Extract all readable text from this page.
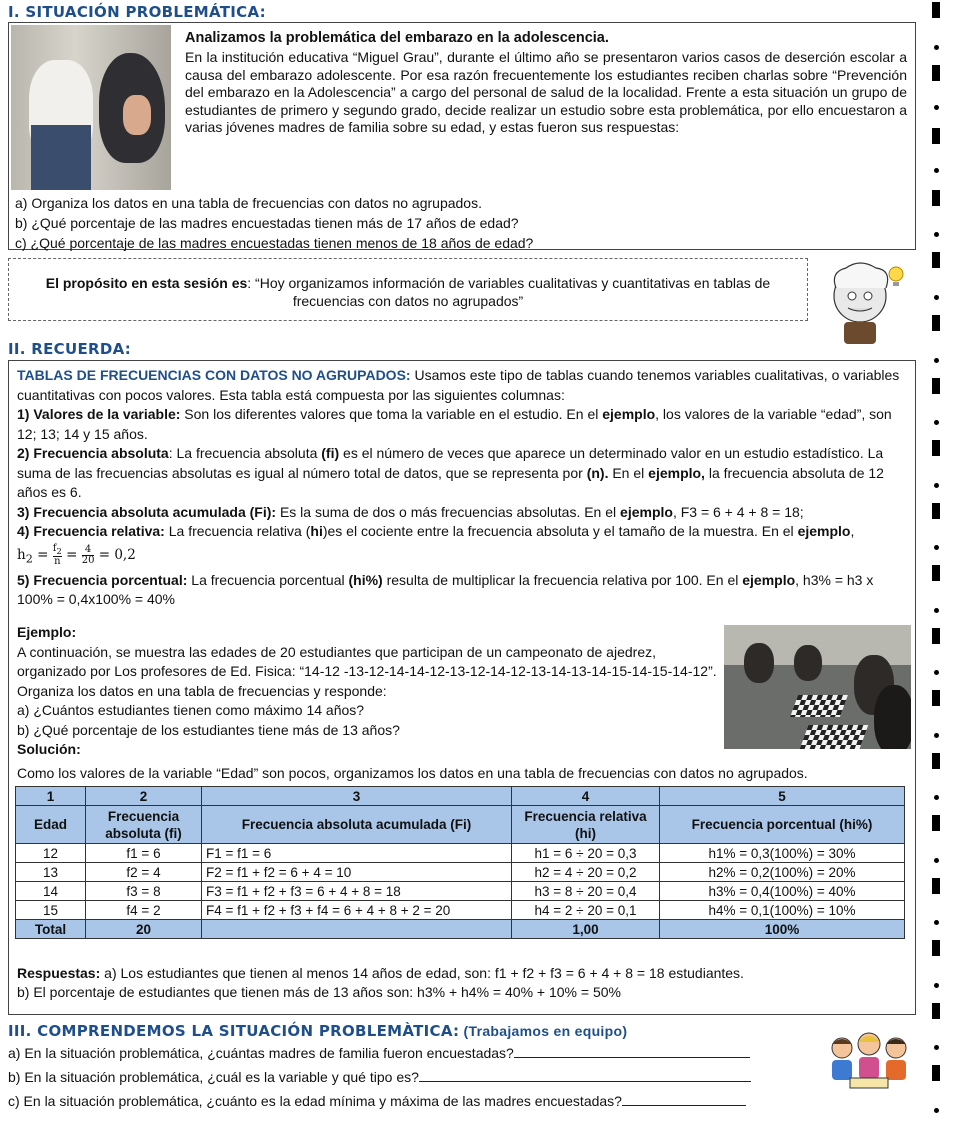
I. SITUACIÓN PROBLEMÁTICA:
Analizamos la problemática del embarazo en la adolescencia.

En la institución educativa “Miguel Grau”, durante el último año se presentaron varios casos de deserción escolar a causa del embarazo adolescente. Por esa razón frecuentemente los estudiantes reciben charlas sobre “Prevención del embarazo en la Adolescencia” a cargo del personal de salud de la localidad. Frente a esta situación un grupo de estudiantes de primero y segundo grado, decide realizar un estudio sobre esta problemática, por ello encuestaron a varias jóvenes madres de familia sobre su edad, y estas fueron sus respuestas:

a) Organiza los datos en una tabla de frecuencias con datos no agrupados.
b) ¿Qué porcentaje de las madres encuestadas tienen más de 17 años de edad?
c) ¿Qué porcentaje de las madres encuestadas tienen menos de 18 años de edad?
El propósito en esta sesión es: “Hoy organizamos información de variables cualitativas y cuantitativas en tablas de frecuencias con datos no agrupados”
II. RECUERDA:

TABLAS DE FRECUENCIAS CON DATOS NO AGRUPADOS: Usamos este tipo de tablas cuando tenemos variables cualitativas, o variables cuantitativas con pocos valores. Esta tabla está compuesta por las siguientes columnas:

1) Valores de la variable: Son los diferentes valores que toma la variable en el estudio. En el ejemplo, los valores de la variable “edad”, son 12; 13; 14 y 15 años.

2) Frecuencia absoluta: La frecuencia absoluta (fi) es el número de veces que aparece un determinado valor en un estudio estadístico. La suma de las frecuencias absolutas es igual al número total de datos, que se representa por (n). En el ejemplo, la frecuencia absoluta de 12 años es 6.

3) Frecuencia absoluta acumulada (Fi): Es la suma de dos o más frecuencias absolutas. En el ejemplo, F3 = 6 + 4 + 8 = 18;

4) Frecuencia relativa: La frecuencia relativa (hi)es el cociente entre la frecuencia absoluta y el tamaño de la muestra. En el ejemplo,

$h_2 = \frac{f_2}{n} = \frac{4}{20} = 0,2$

5) Frecuencia porcentual: La frecuencia porcentual (hi%) resulta de multiplicar la frecuencia relativa por 100. En el ejemplo, h3% = h3 x 100% = 0,4x100% = 40%

Ejemplo:

A continuación, se muestra las edades de 20 estudiantes que participan de un campeonato de ajedrez, organizado por Los profesores de Ed. Fisica: “14-12 -13-12-14-14-12-13-12-14-12-13-14-13-14-15-14-15-14-12”. Organiza los datos en una tabla de frecuencias y responde:

a) ¿Cuántos estudiantes tienen como máximo 14 años?

b) ¿Qué porcentaje de los estudiantes tiene más de 13 años?

Solución:
Como los valores de la variable “Edad” son pocos, organizamos los datos en una tabla de frecuencias con datos no agrupados.
1	2	3	4	5
Edad	Frecuencia absoluta (fi)	Frecuencia absoluta acumulada (Fi)	Frecuencia relativa (hi)	Frecuencia porcentual (hi%)
12	f1 = 6	F1 = f1 = 6	h1 = 6 ÷ 20 = 0,3	h1% = 0,3(100%) = 30%
13	f2 = 4	F2 = f1 + f2 = 6 + 4 = 10	h2 = 4 ÷ 20 = 0,2	h2% = 0,2(100%) = 20%
14	f3 = 8	F3 = f1 + f2 + f3 = 6 + 4 + 8 = 18	h3 = 8 ÷ 20 = 0,4	h3% = 0,4(100%) = 40%
15	f4 = 2	F4 = f1 + f2 + f3 + f4 = 6 + 4 + 8 + 2 = 20	h4 = 2 ÷ 20 = 0,1	h4% = 0,1(100%) = 10%
Total	20		1,00	100%

Respuestas: a) Los estudiantes que tienen al menos 14 años de edad, son: f1 + f2 + f3 = 6 + 4 + 8 = 18 estudiantes.

b) El porcentaje de estudiantes que tienen más de 13 años son: h3% + h4% = 40% + 10% = 50%

III. COMPRENDEMOS LA SITUACIÓN PROBLEMÀTICA: (Trabajamos en equipo)
a) En la situación problemática, ¿cuántas madres de familia fueron encuestadas?
b) En la situación problemática, ¿cuál es la variable y qué tipo es?
c) En la situación problemática, ¿cuánto es la edad mínima y máxima de las madres encuestadas?
